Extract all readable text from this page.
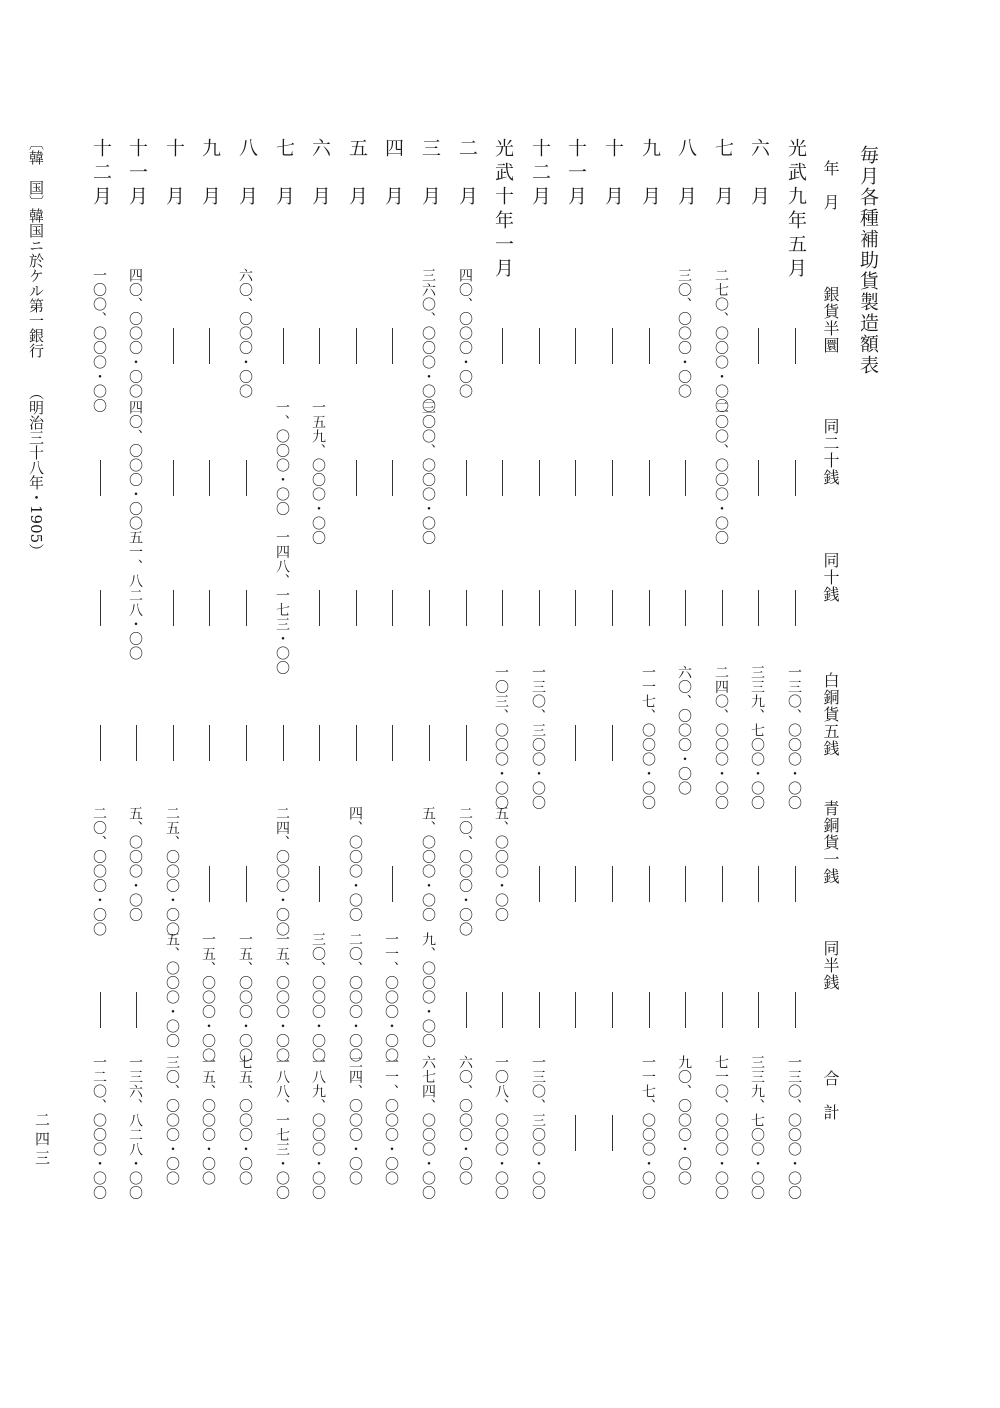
毎月各種補助貨製造額表
年　月
銀貨半圜
同二十銭
同十銭
白銅貨五銭
青銅貨一銭
同半銭
合　計
光武九年五月
一三〇、〇〇〇・〇〇
一三〇、〇〇〇・〇〇
六　月
三三九、七〇〇・〇〇
三三九、七〇〇・〇〇
七　月
二七〇、〇〇〇・〇〇
二〇〇、〇〇〇・〇〇
二四〇、〇〇〇・〇〇
七一〇、〇〇〇・〇〇
八　月
三〇、〇〇〇・〇〇
六〇、〇〇〇・〇〇
九〇、〇〇〇・〇〇
九　月
一一七、〇〇〇・〇〇
一一七、〇〇〇・〇〇
十　月
十一月
十二月
一三〇、三〇〇・〇〇
一三〇、三〇〇・〇〇
光武十年一月
一〇三、〇〇〇・〇〇
五、〇〇〇・〇〇
一〇八、〇〇〇・〇〇
二　月
四〇、〇〇〇・〇〇
二〇、〇〇〇・〇〇
六〇、〇〇〇・〇〇
三　月
三六〇、〇〇〇・〇〇
三〇〇、〇〇〇・〇〇
五、〇〇〇・〇〇
九、〇〇〇・〇〇
六七四、〇〇〇・〇〇
四　月
一一、〇〇〇・〇〇
一一、〇〇〇・〇〇
五　月
四、〇〇〇・〇〇
二〇、〇〇〇・〇〇
二四、〇〇〇・〇〇
六　月
一五九、〇〇〇・〇〇
三〇、〇〇〇・〇〇
一八九、〇〇〇・〇〇
七　月
一、〇〇〇・〇〇
一四八、一七三・〇〇
二四、〇〇〇・〇〇
一五、〇〇〇・〇〇
一八八、一七三・〇〇
八　月
六〇、〇〇〇・〇〇
一五、〇〇〇・〇〇
七五、〇〇〇・〇〇
九　月
一五、〇〇〇・〇〇
一五、〇〇〇・〇〇
十　月
二五、〇〇〇・〇〇
五、〇〇〇・〇〇
三〇、〇〇〇・〇〇
十一月
四〇、〇〇〇・〇〇
四〇、〇〇〇・〇〇
五一、八二八・〇〇
五、〇〇〇・〇〇
一三六、八二八・〇〇
十二月
一〇〇、〇〇〇・〇〇
二〇、〇〇〇・〇〇
一二〇、〇〇〇・〇〇
〔韓　国〕
韓国ニ於ケル第一銀行
（明治三十八年・1905）
二四三
